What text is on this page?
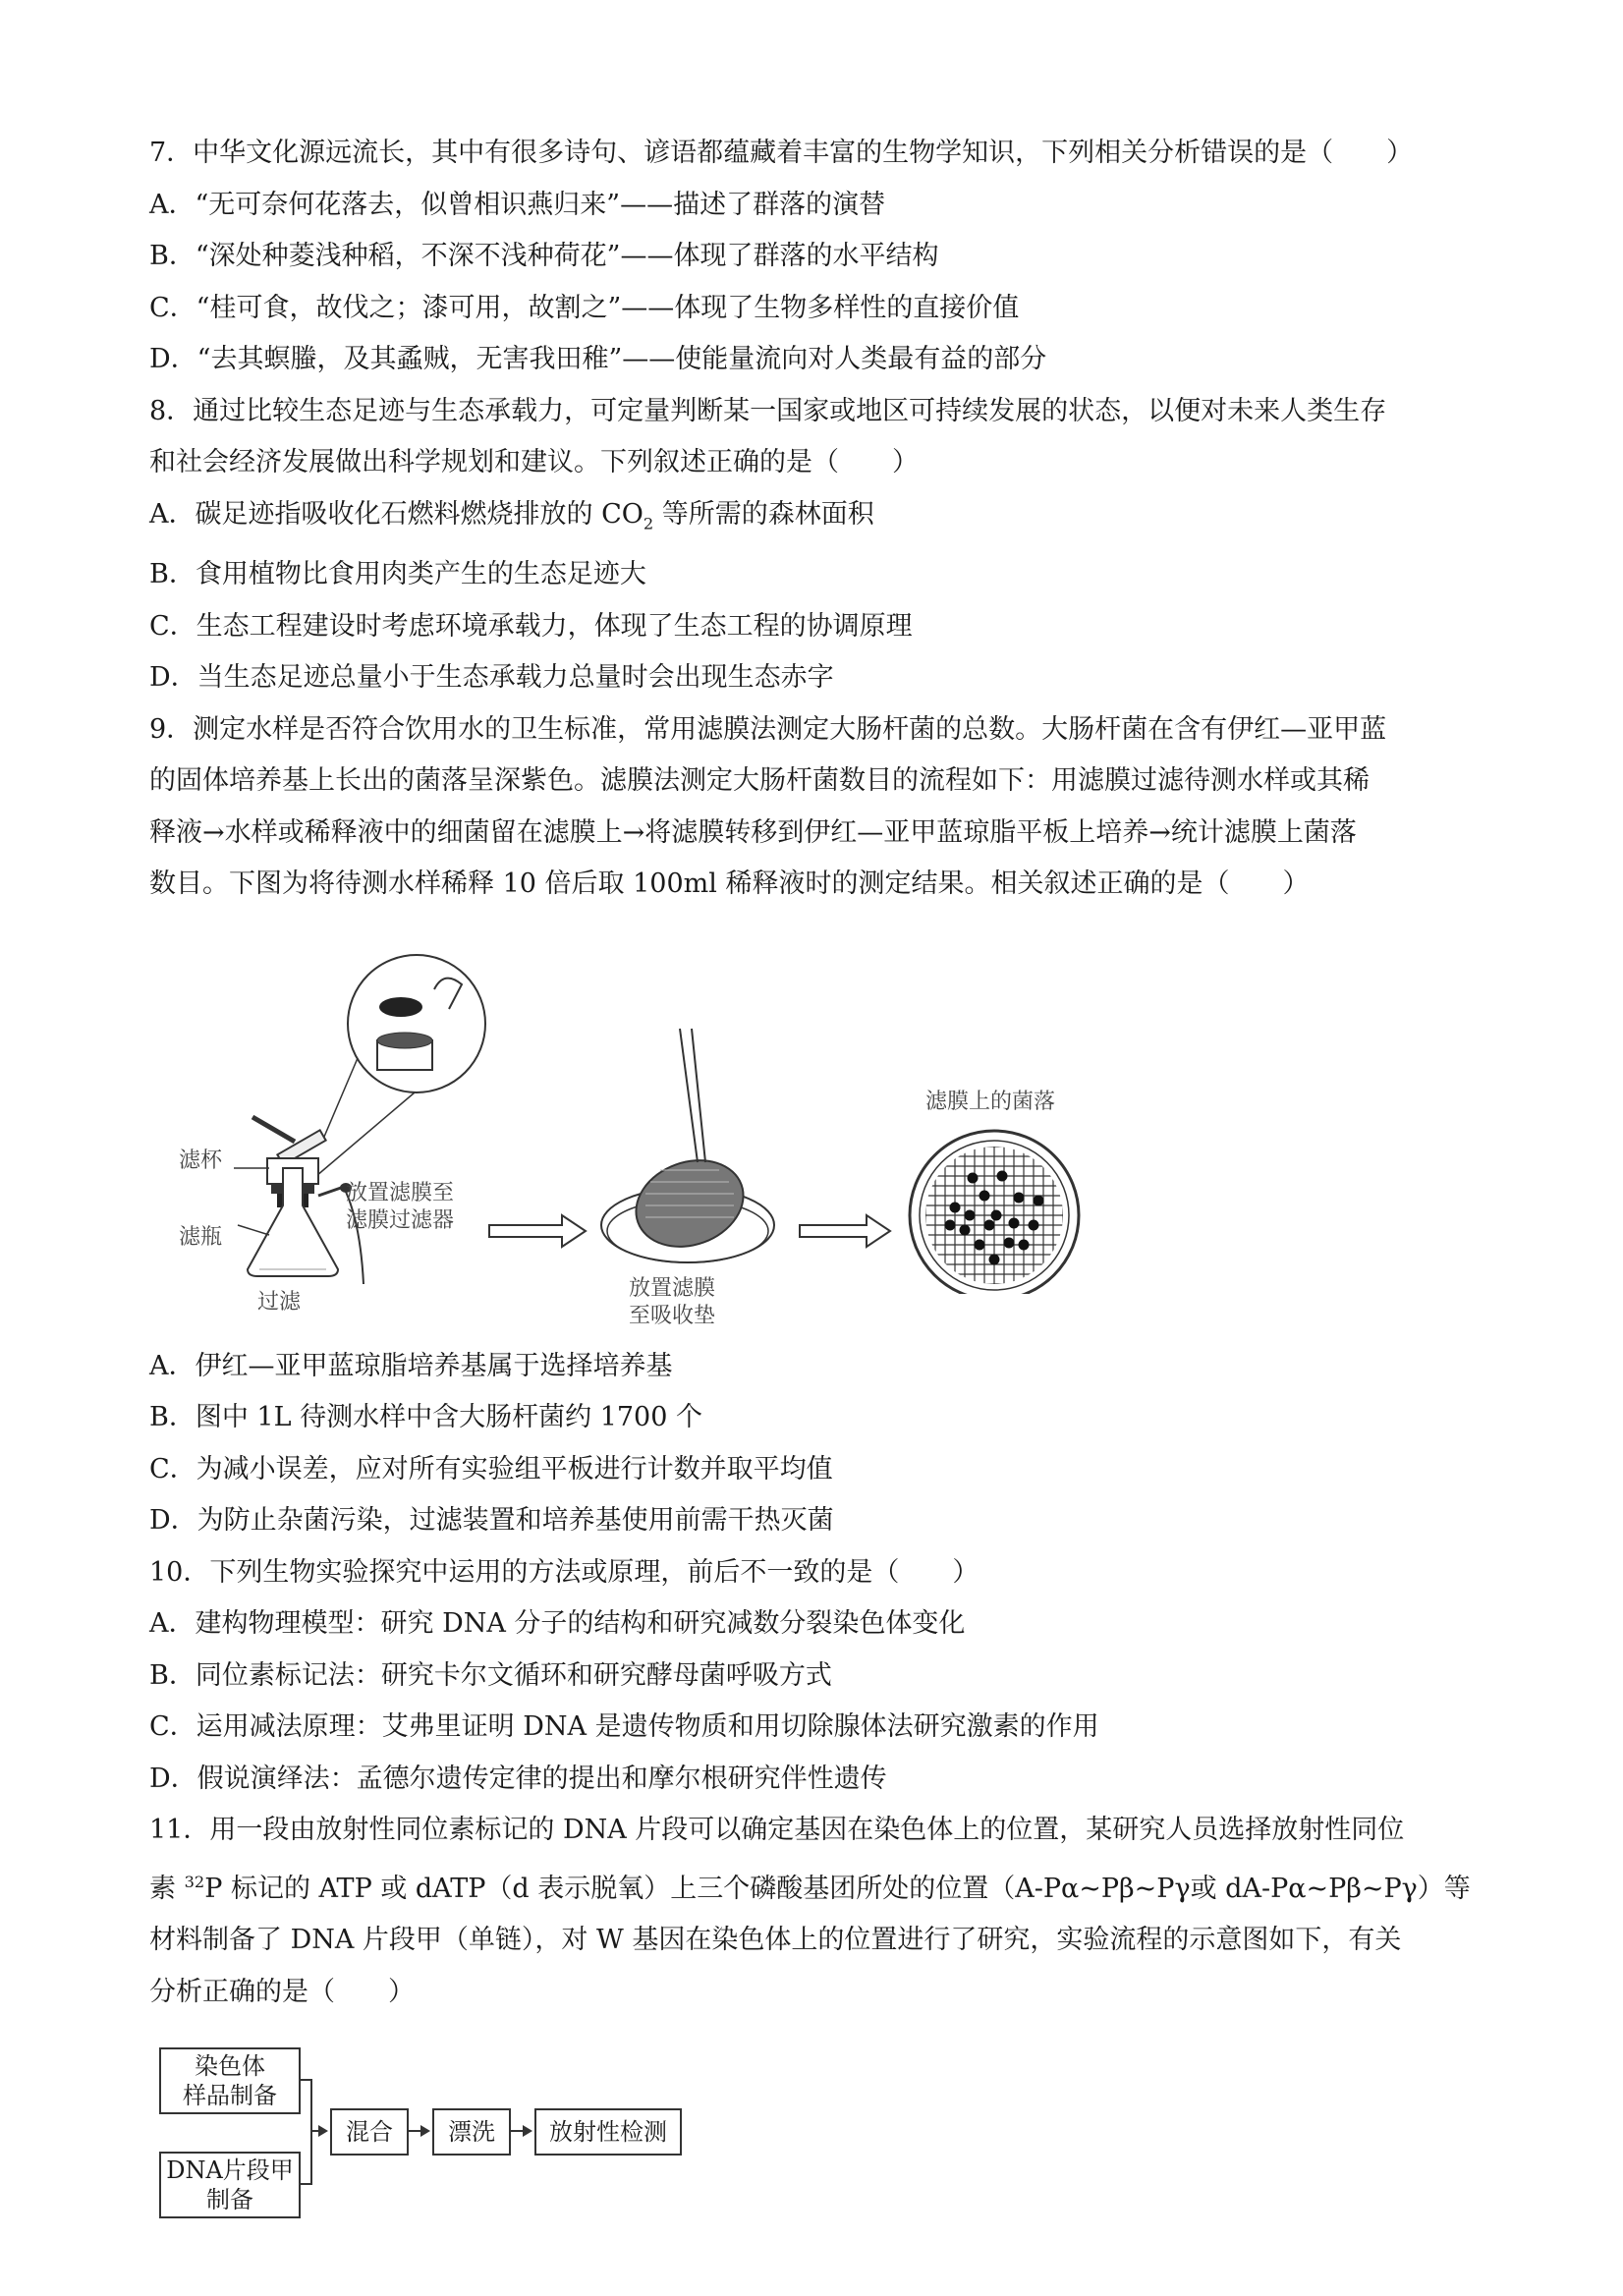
7．中华文化源远流长，其中有很多诗句、谚语都蕴藏着丰富的生物学知识，下列相关分析错误的是（　　）
A．“无可奈何花落去，似曾相识燕归来”——描述了群落的演替
B．“深处种菱浅种稻，不深不浅种荷花”——体现了群落的水平结构
C．“桂可食，故伐之；漆可用，故割之”——体现了生物多样性的直接价值
D．“去其螟螣，及其蟊贼，无害我田稚”——使能量流向对人类最有益的部分
8．通过比较生态足迹与生态承载力，可定量判断某一国家或地区可持续发展的状态，以便对未来人类生存
和社会经济发展做出科学规划和建议。下列叙述正确的是（　　）
A．碳足迹指吸收化石燃料燃烧排放的 $CO_2$ 等所需的森林面积
B．食用植物比食用肉类产生的生态足迹大
C．生态工程建设时考虑环境承载力，体现了生态工程的协调原理
D．当生态足迹总量小于生态承载力总量时会出现生态赤字
9．测定水样是否符合饮用水的卫生标准，常用滤膜法测定大肠杆菌的总数。大肠杆菌在含有伊红—亚甲蓝
的固体培养基上长出的菌落呈深紫色。滤膜法测定大肠杆菌数目的流程如下：用滤膜过滤待测水样或其稀
释液→水样或稀释液中的细菌留在滤膜上→将滤膜转移到伊红—亚甲蓝琼脂平板上培养→统计滤膜上菌落
数目。下图为将待测水样稀释 10 倍后取 100ml 稀释液时的测定结果。相关叙述正确的是（　　）
滤杯
滤瓶
过滤
放置滤膜至
滤膜过滤器
放置滤膜
至吸收垫
滤膜上的菌落
A．伊红—亚甲蓝琼脂培养基属于选择培养基
B．图中 1L 待测水样中含大肠杆菌约 1700 个
C．为减小误差，应对所有实验组平板进行计数并取平均值
D．为防止杂菌污染，过滤装置和培养基使用前需干热灭菌
10．下列生物实验探究中运用的方法或原理，前后不一致的是（　　）
A．建构物理模型：研究 DNA 分子的结构和研究减数分裂染色体变化
B．同位素标记法：研究卡尔文循环和研究酵母菌呼吸方式
C．运用减法原理：艾弗里证明 DNA 是遗传物质和用切除腺体法研究激素的作用
D．假说演绎法：孟德尔遗传定律的提出和摩尔根研究伴性遗传
11．用一段由放射性同位素标记的 DNA 片段可以确定基因在染色体上的位置，某研究人员选择放射性同位
素 $^{32}$P 标记的 ATP 或 dATP（d 表示脱氧）上三个磷酸基团所处的位置（A-Pα~Pβ~Pγ或 dA-Pα~Pβ~Pγ）等
材料制备了 DNA 片段甲（单链），对 W 基因在染色体上的位置进行了研究，实验流程的示意图如下，有关
分析正确的是（　　）
染色体
样品制备
DNA片段甲
制备
混合	漂洗	放射性检测
